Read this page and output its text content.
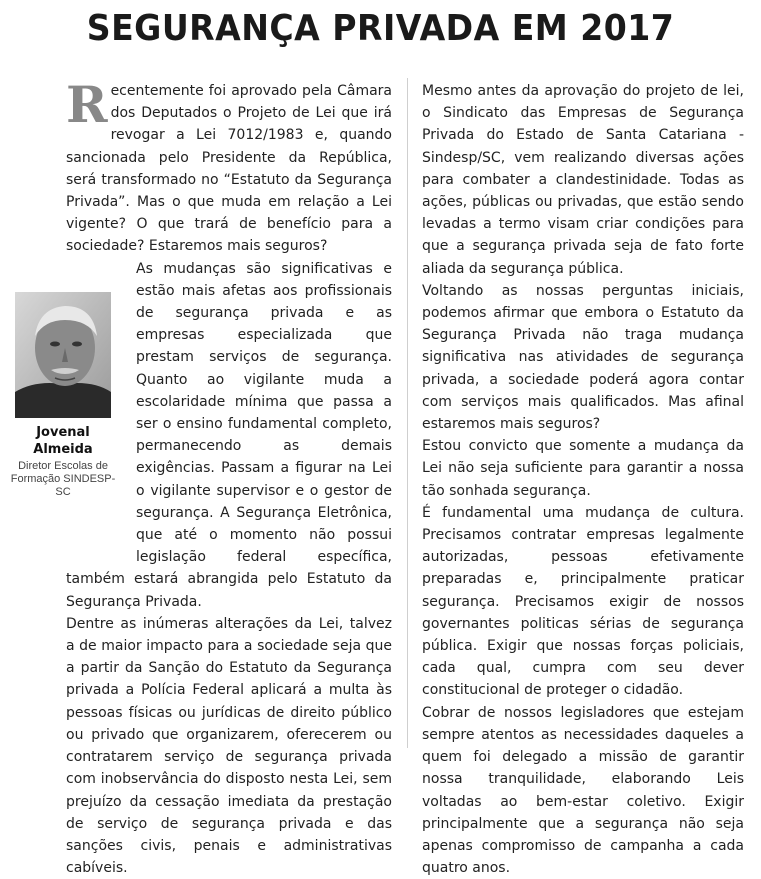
SEGURANÇA PRIVADA EM 2017
Jovenal
Almeida
Diretor Escolas de Formação SINDESP-SC

Recentemente foi aprovado pela Câmara dos Deputados o Projeto de Lei que irá revogar a Lei 7012/1983 e, quando sancionada pelo Presidente da República, será transformado no “Estatuto da Segurança Privada”. Mas o que muda em relação a Lei vigente? O que trará de benefício para a sociedade? Estaremos mais seguros?

As mudanças são significativas e estão mais afetas aos profissionais de segurança privada e as empresas especializada que prestam serviços de segurança. Quanto ao vigilante muda a escolaridade mínima que passa a ser o ensino fundamental completo, permanecendo as demais exigências. Passam a figurar na Lei o vigilante supervisor e o gestor de segurança. A Segurança Eletrônica, que até o momento não possui legislação federal específica, também estará abrangida pelo Estatuto da Segurança Privada.

Dentre as inúmeras alterações da Lei, talvez a de maior impacto para a sociedade seja que a partir da Sanção do Estatuto da Segurança privada a Polícia Federal aplicará a multa às pessoas físicas ou jurídicas de direito público ou privado que organizarem, oferecerem ou contratarem serviço de segurança privada com inobservância do disposto nesta Lei, sem prejuízo da cessação imediata da prestação de serviço de segurança privada e das sanções civis, penais e administrativas cabíveis.

Mesmo antes da aprovação do projeto de lei, o Sindicato das Empresas de Segurança Privada do Estado de Santa Catariana - Sindesp/SC, vem realizando diversas ações para combater a clandestinidade. Todas as ações, públicas ou privadas, que estão sendo levadas a termo visam criar condições para que a segurança privada seja de fato forte aliada da segurança pública.

Voltando as nossas perguntas iniciais, podemos afirmar que embora o Estatuto da Segurança Privada não traga mudança significativa nas atividades de segurança privada, a sociedade poderá agora contar com serviços mais qualificados. Mas afinal estaremos mais seguros?

Estou convicto que somente a mudança da Lei não seja suficiente para garantir a nossa tão sonhada segurança.

É fundamental uma mudança de cultura. Precisamos contratar empresas legalmente autorizadas, pessoas efetivamente preparadas e, principalmente praticar segurança. Precisamos exigir de nossos governantes politicas sérias de segurança pública. Exigir que nossas forças policiais, cada qual, cumpra com seu dever constitucional de proteger o cidadão.

Cobrar de nossos legisladores que estejam sempre atentos as necessidades daqueles a quem foi delegado a missão de garantir nossa tranquilidade, elaborando Leis voltadas ao bem-estar coletivo. Exigir principalmente que a segurança não seja apenas compromisso de campanha a cada quatro anos.
